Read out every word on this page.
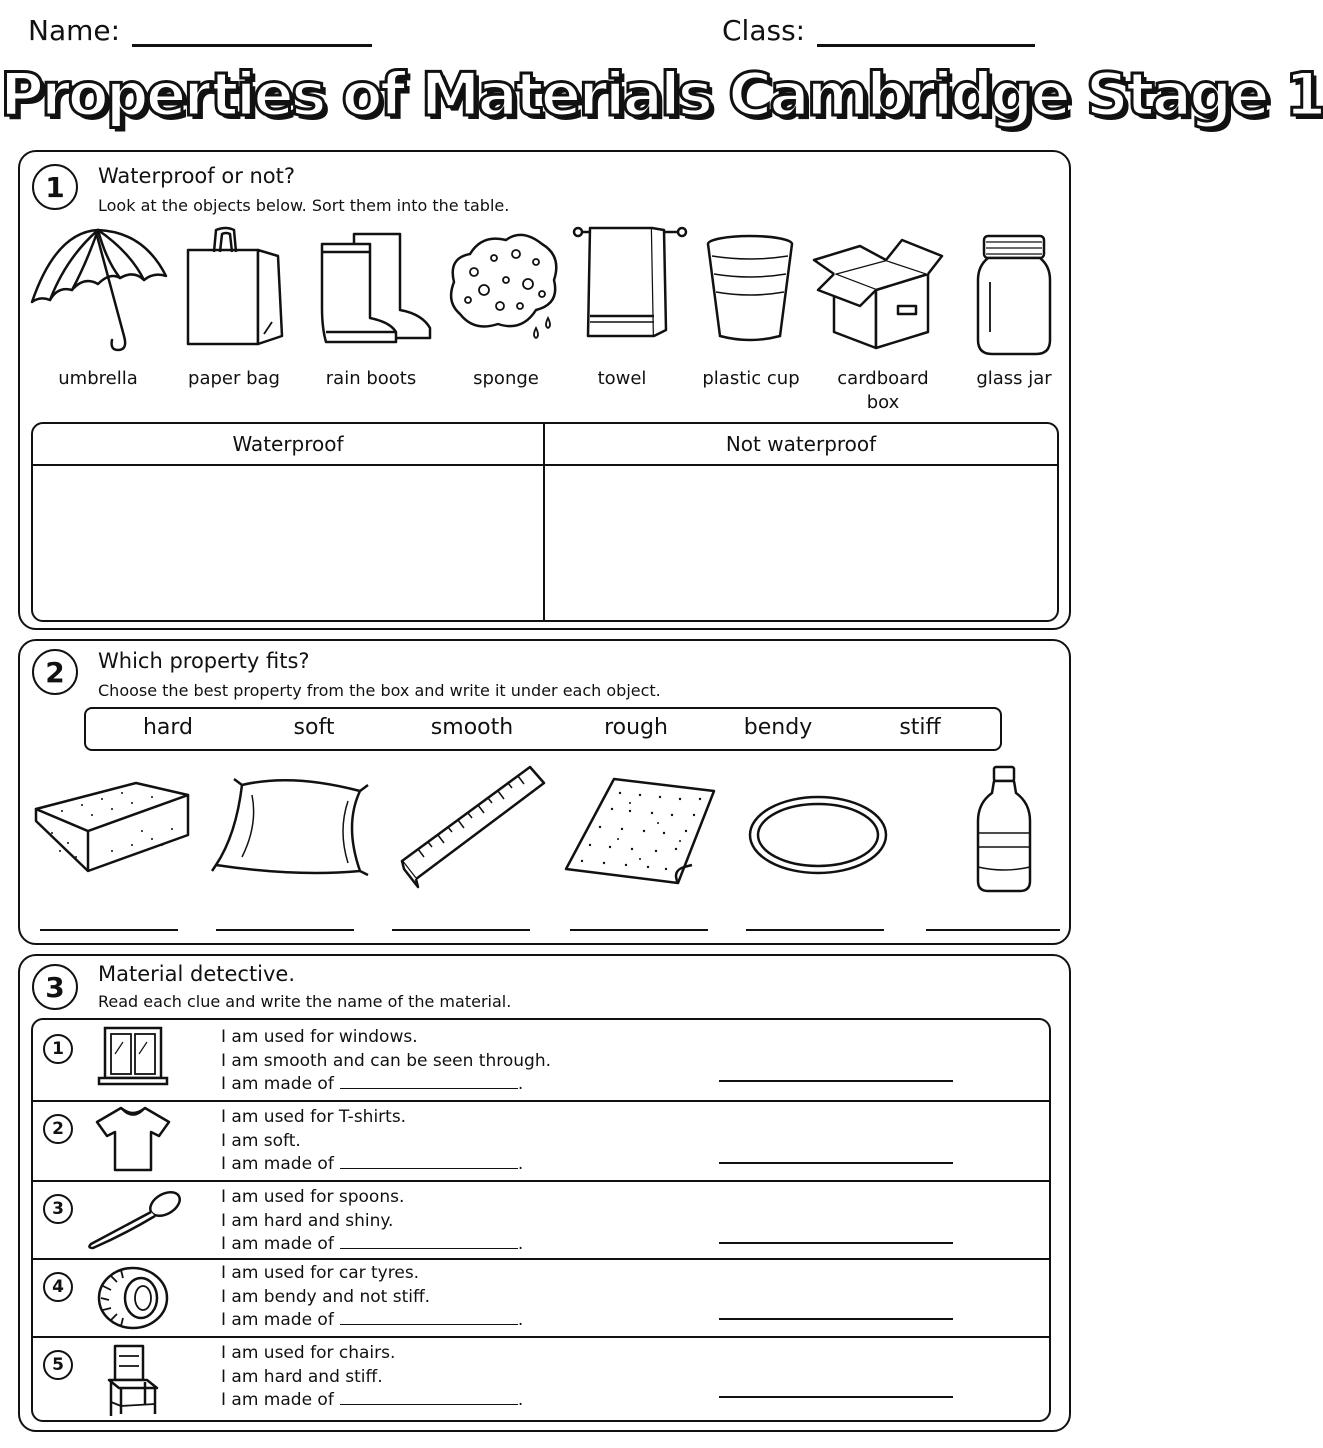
Name:	Class:
Properties of Materials Cambridge Stage 1
1	Waterproof or not?
Look at the objects below. Sort them into the table.
umbrella	paper bag	rain boots	sponge	towel	plastic cup	cardboard
box
glass jar
Waterproof	Not waterproof
2	Which property fits?
Choose the best property from the box and write it under each object.
hard	soft	smooth	rough	bendy	stiff
3	Material detective.
Read each clue and write the name of the material.
1
I am used for windows.
I am smooth and can be seen through.
I am made of	.
2
I am used for T-shirts.
I am soft.
I am made of	.
3
I am used for spoons.
I am hard and shiny.
I am made of	.
4
I am used for car tyres.
I am bendy and not stiff.
I am made of	.
5
I am used for chairs.
I am hard and stiff.
I am made of	.
